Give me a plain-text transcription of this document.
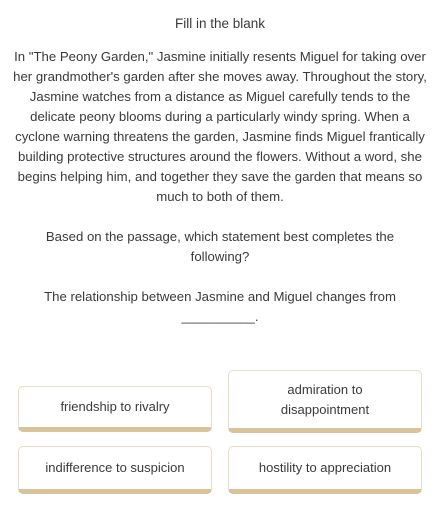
Fill in the blank
In "The Peony Garden," Jasmine initially resents Miguel for taking over her grandmother's garden after she moves away. Throughout the story, Jasmine watches from a distance as Miguel carefully tends to the delicate peony blooms during a particularly windy spring. When a cyclone warning threatens the garden, Jasmine finds Miguel frantically building protective structures around the flowers. Without a word, she begins helping him, and together they save the garden that means so much to both of them.
Based on the passage, which statement best completes the following?
The relationship between Jasmine and Miguel changes from
__________.
friendship to rivalry
admiration to disappointment
indifference to suspicion	hostility to appreciation
